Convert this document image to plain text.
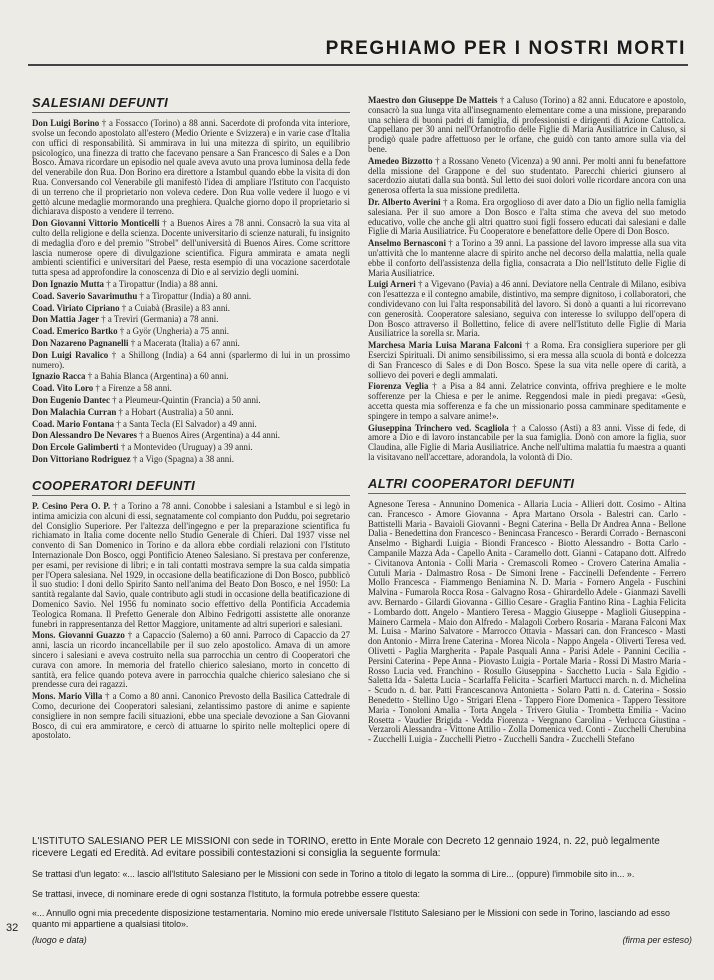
PREGHIAMO PER I NOSTRI MORTI
SALESIANI DEFUNTI

Don Luigi Borino † a Fossacco (Torino) a 88 anni. Sacerdote di profonda vita interiore, svolse un fecondo apostolato all'estero (Medio Oriente e Svizzera) e in varie case d'Italia con uffici di responsabilità. Si ammirava in lui una mitezza di spirito, un equilibrio psicologico, una finezza di tratto che facevano pensare a San Francesco di Sales e a Don Bosco. Amava ricordare un episodio nel quale aveva avuto una prova luminosa della fede del venerabile don Rua. Don Borino era direttore a Istambul quando ebbe la visita di don Rua. Conversando col Venerabile gli manifestò l'idea di ampliare l'Istituto con l'acquisto di un terreno che il proprietario non voleva cedere. Don Rua volle vedere il luogo e vi gettò alcune medaglie mormorando una preghiera. Qualche giorno dopo il proprietario si dichiarava disposto a vendere il terreno.

Don Giovanni Vittorio Monticelli † a Buenos Aires a 78 anni. Consacrò la sua vita al culto della religione e della scienza. Docente universitario di scienze naturali, fu insignito di medaglia d'oro e del premio "Strobel" dell'università di Buenos Aires. Come scrittore lascia numerose opere di divulgazione scientifica. Figura ammirata e amata negli ambienti scientifici e universitari del Paese, resta esempio di una vocazione sacerdotale tutta spesa ad approfondire la conoscenza di Dio e al servizio degli uomini.

Don Ignazio Mutta † a Tiropattur (India) a 88 anni.

Coad. Saverio Savarimuthu † a Tiropattur (India) a 80 anni.

Coad. Viriato Cipriano † a Cuiabà (Brasile) a 83 anni.

Don Mattia Jager † a Trevìri (Germania) a 78 anni.

Coad. Emerico Bartko † a Györ (Ungheria) a 75 anni.

Don Nazareno Pagnanelli † a Macerata (Italia) a 67 anni.

Don Luigi Ravalico † a Shillong (India) a 64 anni (sparlermo di lui in un prossimo numero).

Ignazio Racca † a Bahia Blanca (Argentina) a 60 anni.

Coad. Vito Loro † a Firenze a 58 anni.

Don Eugenio Dantec † a Pleumeur-Quintin (Francia) a 50 anni.

Don Malachia Curran † a Hobart (Australia) a 50 anni.

Coad. Mario Fontana † a Santa Tecla (El Salvador) a 49 anni.

Don Alessandro De Nevares † a Buenos Aires (Argentina) a 44 anni.

Don Ercole Galimberti † a Montevideo (Uruguay) a 39 anni.

Don Vittoriano Rodriguez † a Vigo (Spagna) a 38 anni.

COOPERATORI DEFUNTI

P. Cesino Pera O. P. † a Torino a 78 anni. Conobbe i salesiani a Istambul e si legò in intima amicizia con alcuni di essi, segnatamente col compianto don Puddu, poi segretario del Consiglio Superiore. Per l'altezza dell'ingegno e per la preparazione scientifica fu richiamato in Italia come docente nello Studio Generale di Chieri. Dal 1937 visse nel convento di San Domenico in Torino e da allora ebbe cordiali relazioni con l'Istituto Internazionale Don Bosco, oggi Pontificio Ateneo Salesiano. Si prestava per conferenze, per esami, per revisione di libri; e in tali contatti mostrava sempre la sua calda simpatia per l'Opera salesiana. Nel 1929, in occasione della beatificazione di Don Bosco, pubblicò il suo studio: I doni dello Spirito Santo nell'anima del Beato Don Bosco, e nel 1950: La santità regalante dal Savio, quale contributo agli studi in occasione della beatificazione di Domenico Savio. Nel 1956 fu nominato socio effettivo della Pontificia Accademia Teologica Romana. Il Prefetto Generale don Albino Fedrigotti assistette alle onoranze funebri in rappresentanza del Rettor Maggiore, unitamente ad altri superiori e salesiani.

Mons. Giovanni Guazzo † a Capaccio (Salerno) a 60 anni. Parroco di Capaccio da 27 anni, lascia un ricordo incancellabile per il suo zelo apostolico. Amava di un amore sincero i salesiani e aveva costruito nella sua parrocchia un centro di Cooperatori che curava con amore. In memoria del fratello chierico salesiano, morto in concetto di santità, era felice quando poteva avere in parrocchia qualche chierico salesiano che si prendesse cura dei ragazzi.

Mons. Mario Villa † a Como a 80 anni. Canonico Prevosto della Basilica Cattedrale di Como, decurione dei Cooperatori salesiani, zelantissimo pastore di anime e sapiente consigliere in non sempre facili situazioni, ebbe una speciale devozione a San Giovanni Bosco, di cui era ammiratore, e cercò di attuarne lo spirito nelle molteplici opere di apostolato.

Maestro don Giuseppe De Matteis † a Caluso (Torino) a 82 anni. Educatore e apostolo, consacrò la sua lunga vita all'insegnamento elementare come a una missione, preparando una schiera di buoni padri di famiglia, di professionisti e dirigenti di Azione Cattolica. Cappellano per 30 anni nell'Orfanotrofio delle Figlie di Maria Ausiliatrice in Caluso, si prodigò quale padre affettuoso per le orfane, che guidò con tanto amore sulla via del bene.

Amedeo Bizzotto † a Rossano Veneto (Vicenza) a 90 anni. Per molti anni fu benefattore della missione del Grappone e del suo studentato. Parecchi chierici giunsero al sacerdozio aiutati dalla sua bontà. Sul letto dei suoi dolori volle ricordare ancora con una generosa offerta la sua missione prediletta.

Dr. Alberto Averini † a Roma. Era orgoglioso di aver dato a Dio un figlio nella famiglia salesiana. Per il suo amore a Don Bosco e l'alta stima che aveva del suo metodo educativo, volle che anche gli altri quattro suoi figli fossero educati dai salesiani e dalle Figlie di Maria Ausiliatrice. Fu Cooperatore e benefattore delle Opere di Don Bosco.

Anselmo Bernasconi † a Torino a 39 anni. La passione del lavoro impresse alla sua vita un'attività che lo mantenne alacre di spirito anche nel decorso della malattia, nella quale ebbe il conforto dell'assistenza della figlia, consacrata a Dio nell'Istituto delle Figlie di Maria Ausiliatrice.

Luigi Arneri † a Vigevano (Pavia) a 46 anni. Deviatore nella Centrale di Milano, esibiva con l'esattezza e il contegno amabile, distintivo, ma sempre dignitoso, i collaboratori, che condividevano con lui l'alta responsabilità del lavoro. Si donò a quanti a lui ricorrevano con generosità. Cooperatore salesiano, seguiva con interesse lo sviluppo dell'opera di Don Bosco attraverso il Bollettino, felice di avere nell'Istituto delle Figlie di Maria Ausiliatrice la sorella sr. Maria.

Marchesa Maria Luisa Marana Falconi † a Roma. Era consigliera superiore per gli Esercizi Spirituali. Di animo sensibilissimo, si era messa alla scuola di bontà e dolcezza di San Francesco di Sales e di Don Bosco. Spese la sua vita nelle opere di carità, a sollievo dei poveri e degli ammalati.

Fiorenza Veglia † a Pisa a 84 anni. Zelatrice convinta, offriva preghiere e le molte sofferenze per la Chiesa e per le anime. Reggendosi male in piedi pregava: «Gesù, accetta questa mia sofferenza e fa che un missionario possa camminare speditamente e spingere in tempo a salvare anime!».

Giuseppina Trinchero ved. Scagliola † a Calosso (Asti) a 83 anni. Visse di fede, di amore a Dio e di lavoro instancabile per la sua famiglia. Donò con amore la figlia, suor Claudina, alle Figlie di Maria Ausiliatrice. Anche nell'ultima malattia fu maestra a quanti la visitavano nell'accettare, adorandola, la volontà di Dio.

ALTRI COOPERATORI DEFUNTI
Agnesone Teresa - Annunino Domenica - Allaria Lucia - Allieri dott. Cosimo - Altina can. Francesco - Amore Giovanna - Apra Martano Orsola - Balestri can. Carlo - Battistelli Maria - Bavaioli Giovanni - Begni Caterina - Bella Dr Andrea Anna - Bellone Dalia - Benedettina don Francesco - Benincasa Francesco - Berardi Corrado - Bernasconi Anselmo - Bighardi Luigia - Biondi Francesco - Biotto Alessandro - Botta Carlo - Campanile Mazza Ada - Capello Anita - Caramello dott. Gianni - Catapano dott. Alfredo - Civitanova Antonia - Colli Maria - Cremascoli Romeo - Crovero Caterina Amalia - Cutuli Maria - Dalmastro Rosa - De Simoni Irene - Faccinelli Defendente - Ferrero Mollo Francesca - Fiammengo Beniamina N. D. Maria - Fornero Angela - Fuschini Malvina - Fumarola Rocca Rosa - Galvagno Rosa - Ghirardello Adele - Gianmazi Savelli avv. Bernardo - Gilardi Giovanna - Gillio Cesare - Graglia Fantino Rina - Laghia Felicita - Lombardo dott. Angelo - Mantiero Teresa - Maggio Giuseppe - Maglioli Giuseppina - Mainero Carmela - Maio don Alfredo - Malagoli Corbero Rosaria - Marana Falconi Max M. Luisa - Marino Salvatore - Marrocco Ottavia - Massari can. don Francesco - Masti don Antonio - Mirra Irene Caterina - Morea Nicola - Nappo Angela - Oliverti Teresa ved. Olivetti - Paglia Margherita - Papale Pasquali Anna - Parisi Adele - Pannini Cecilia - Persini Caterina - Pepe Anna - Piovasto Luigia - Portale Maria - Rossi Di Mastro Maria - Rosso Lucia ved. Franchino - Rosullo Giuseppina - Sacchetto Lucia - Sala Egidio - Saletta Ida - Saletta Lucia - Scarlaffa Felicita - Scarfieri Martucci march. n. d. Michelina - Scudo n. d. bar. Patti Francescanova Antonietta - Solaro Patti n. d. Caterina - Sossio Benedetto - Stellino Ugo - Strigari Elena - Tappero Fiore Domenica - Tappero Tessitore Maria - Tonoloni Amalia - Torta Angela - Trivero Giulia - Trombetta Emilia - Vacino Rosetta - Vaudier Brigida - Vedda Fiorenza - Vergnano Carolina - Verlucca Giustina - Verzaroli Alessandra - Vittone Attilio - Zolla Domenica ved. Conti - Zucchelli Cherubina - Zucchelli Luigia - Zucchelli Pietro - Zucchelli Sandra - Zucchelli Stefano

L'ISTITUTO SALESIANO PER LE MISSIONI con sede in TORINO, eretto in Ente Morale con Decreto 12 gennaio 1924, n. 22, può legalmente ricevere Legati ed Eredità. Ad evitare possibili contestazioni si consiglia la seguente formula:

Se trattasi d'un legato: «... lascio all'Istituto Salesiano per le Missioni con sede in Torino a titolo di legato la somma di Lire... (oppure) l'immobile sito in... ».

Se trattasi, invece, di nominare erede di ogni sostanza l'Istituto, la formula potrebbe essere questa:

«... Annullo ogni mia precedente disposizione testamentaria. Nomino mio erede universale l'Istituto Salesiano per le Missioni con sede in Torino, lasciando ad esso quanto mi appartiene a qualsiasi titolo».

(luogo e data)	(firma per esteso)
32
